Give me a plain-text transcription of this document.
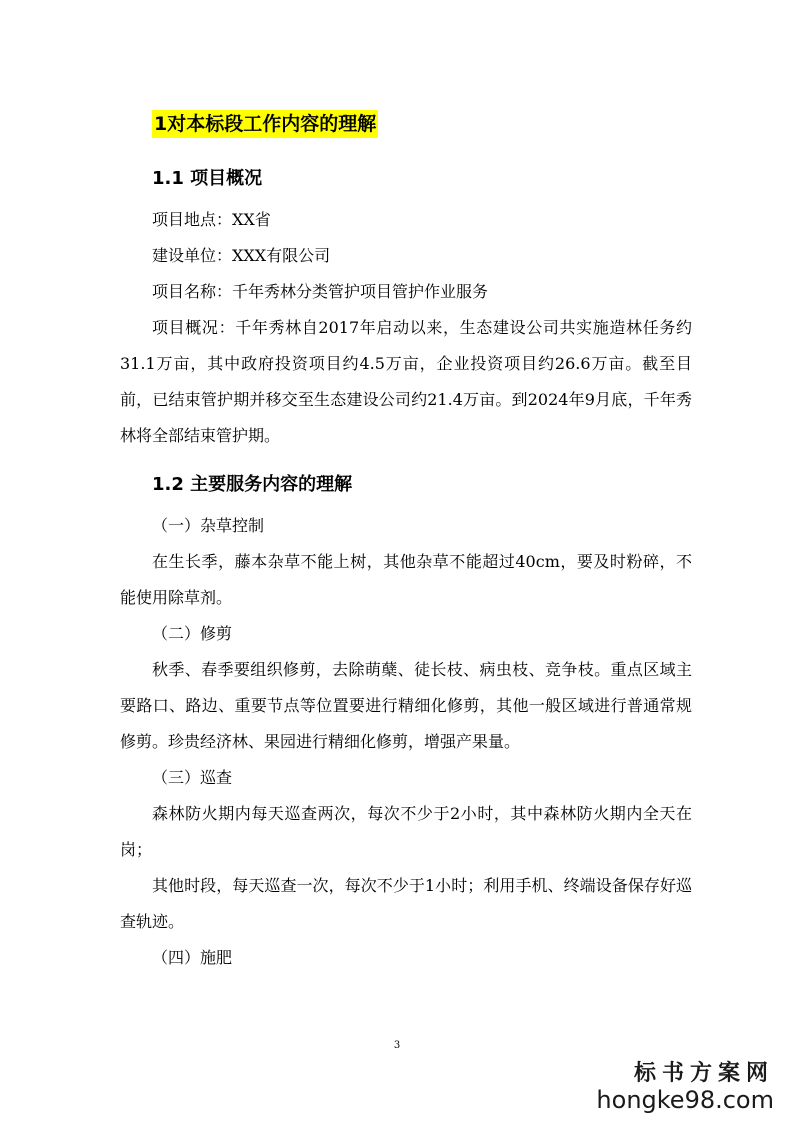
1对本标段工作内容的理解
1.1 项目概况

项目地点：XX省

建设单位：XXX有限公司

项目名称：千年秀林分类管护项目管护作业服务

项目概况：千年秀林自2017年启动以来，生态建设公司共实施造林任务约31.1万亩，其中政府投资项目约4.5万亩，企业投资项目约26.6万亩。截至目前，已结束管护期并移交至生态建设公司约21.4万亩。到2024年9月底，千年秀林将全部结束管护期。

1.2 主要服务内容的理解

（一）杂草控制

在生长季，藤本杂草不能上树，其他杂草不能超过40cm，要及时粉碎，不能使用除草剂。

（二）修剪

秋季、春季要组织修剪，去除萌蘖、徒长枝、病虫枝、竞争枝。重点区域主要路口、路边、重要节点等位置要进行精细化修剪，其他一般区域进行普通常规修剪。珍贵经济林、果园进行精细化修剪，增强产果量。

（三）巡查

森林防火期内每天巡查两次，每次不少于2小时，其中森林防火期内全天在岗；

其他时段，每天巡查一次，每次不少于1小时；利用手机、终端设备保存好巡查轨迹。

（四）施肥

3
标书方案网
hongke98.com
